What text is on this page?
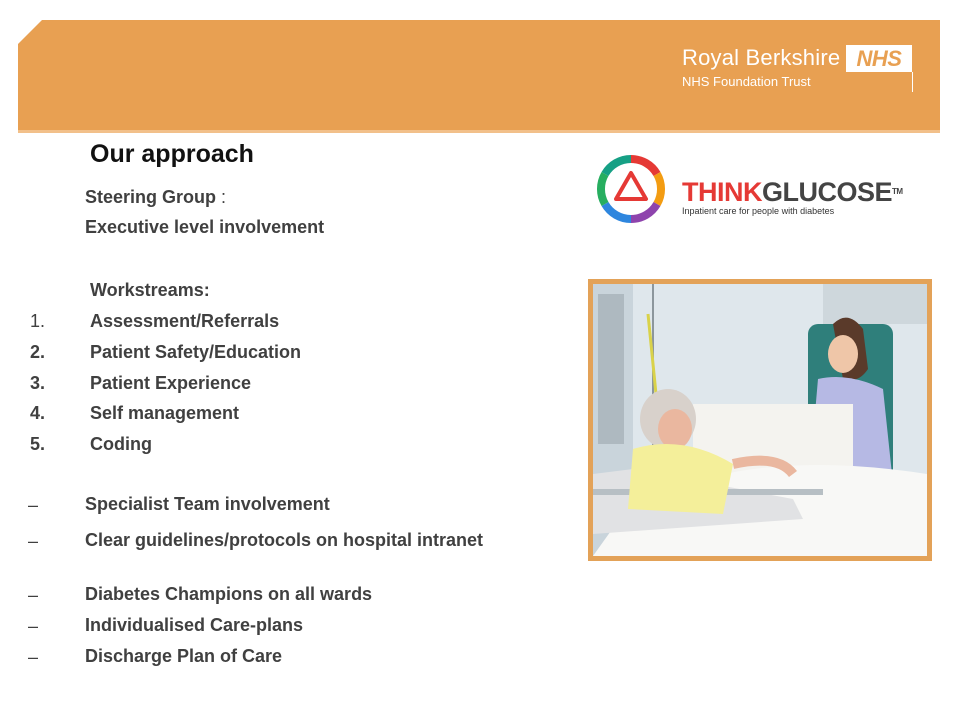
Royal Berkshire
NHS Foundation Trust
NHS
Our approach
Steering Group :
Executive level involvement
Workstreams:
1. Assessment/Referrals
2. Patient Safety/Education
3. Patient Experience
4. Self management
5. Coding
–	Specialist Team involvement
–	Clear guidelines/protocols on hospital intranet
–	Diabetes Champions on all wards
–	Individualised Care-plans
–	Discharge Plan of Care
THINKGLUCOSE™
Inpatient care for people with diabetes
